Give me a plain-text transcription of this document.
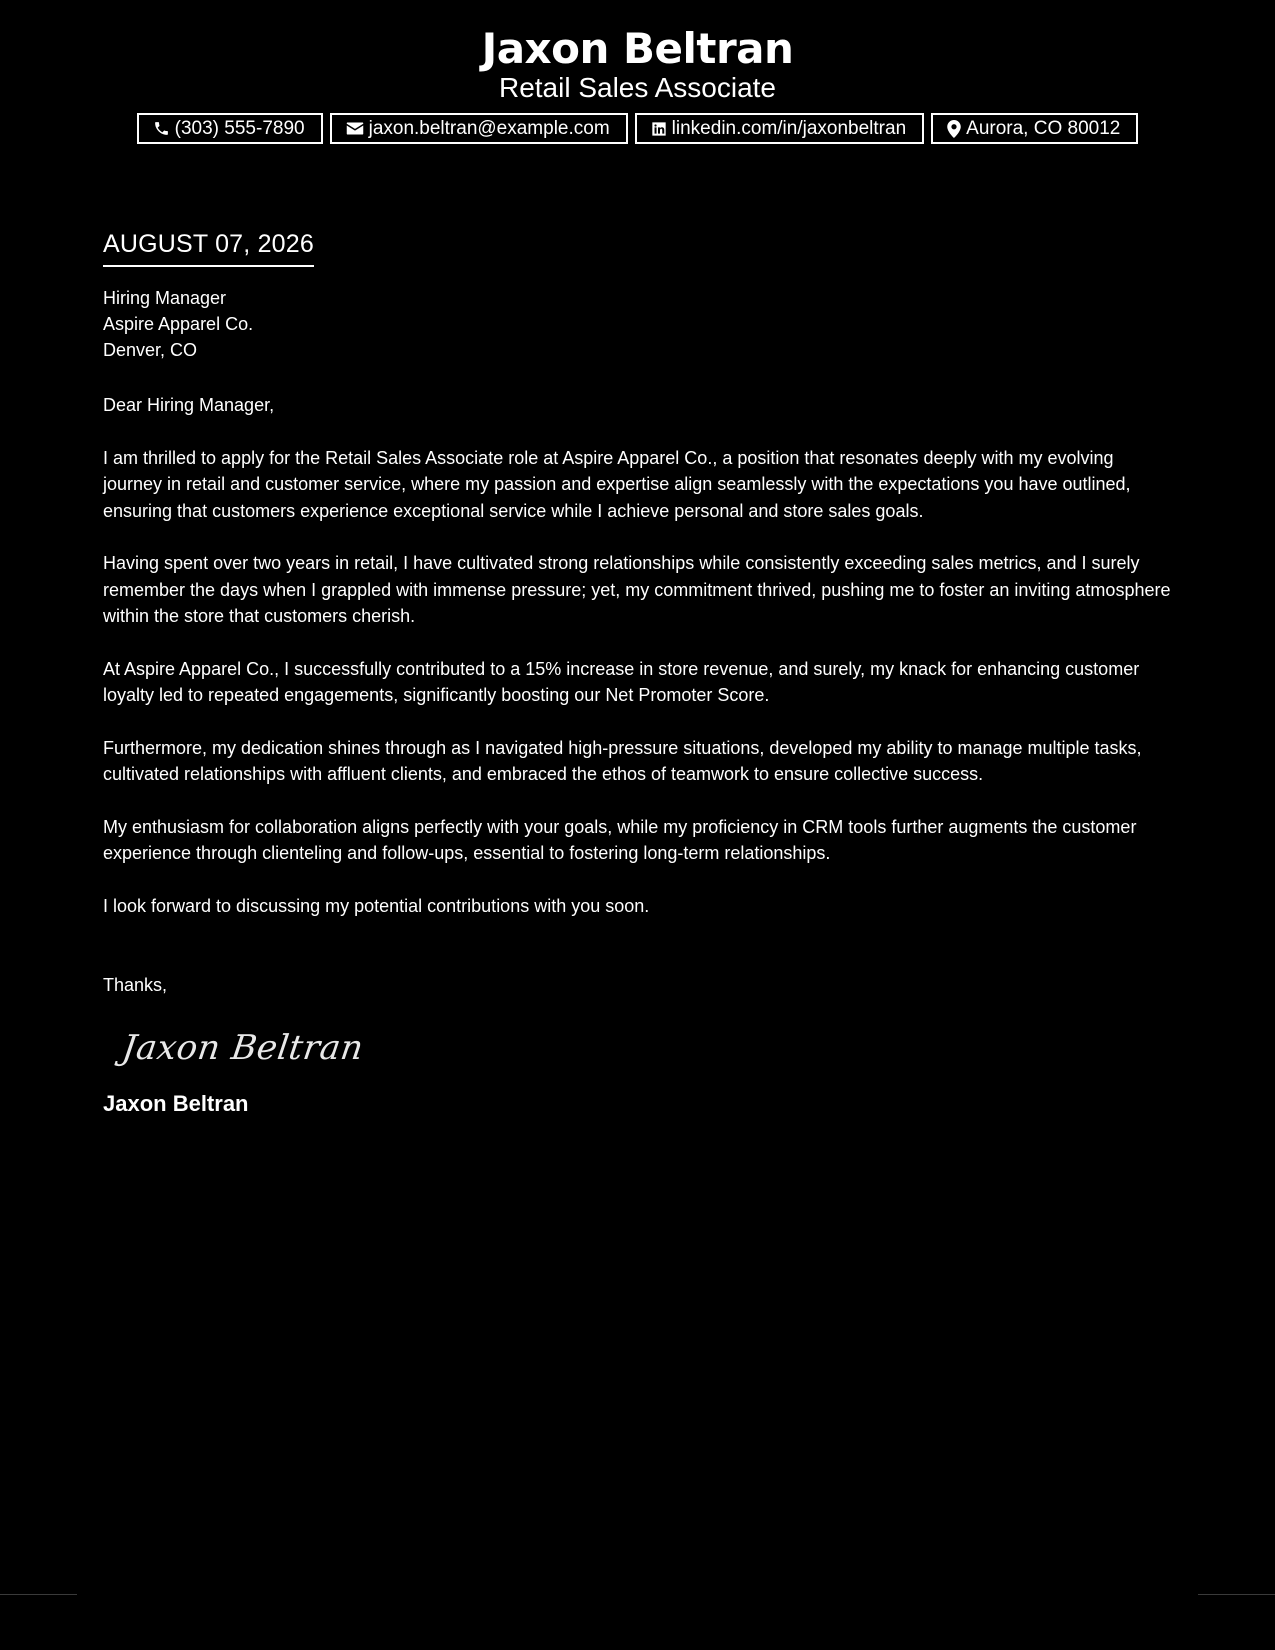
Jaxon Beltran
Retail Sales Associate
(303) 555-7890	jaxon.beltran@example.com	linkedin.com/in/jaxonbeltran	Aurora, CO 80012
AUGUST 07, 2026
Hiring Manager
Aspire Apparel Co.
Denver, CO
Dear Hiring Manager,

I am thrilled to apply for the Retail Sales Associate role at Aspire Apparel Co., a position that resonates deeply with my evolving journey in retail and customer service, where my passion and expertise align seamlessly with the expectations you have outlined, ensuring that customers experience exceptional service while I achieve personal and store sales goals.

Having spent over two years in retail, I have cultivated strong relationships while consistently exceeding sales metrics, and I surely remember the days when I grappled with immense pressure; yet, my commitment thrived, pushing me to foster an inviting atmosphere within the store that customers cherish.

At Aspire Apparel Co., I successfully contributed to a 15% increase in store revenue, and surely, my knack for enhancing customer loyalty led to repeated engagements, significantly boosting our Net Promoter Score.

Furthermore, my dedication shines through as I navigated high-pressure situations, developed my ability to manage multiple tasks, cultivated relationships with affluent clients, and embraced the ethos of teamwork to ensure collective success.

My enthusiasm for collaboration aligns perfectly with your goals, while my proficiency in CRM tools further augments the customer experience through clienteling and follow-ups, essential to fostering long-term relationships.

I look forward to discussing my potential contributions with you soon.

Thanks,
Jaxon Beltran
Jaxon Beltran
